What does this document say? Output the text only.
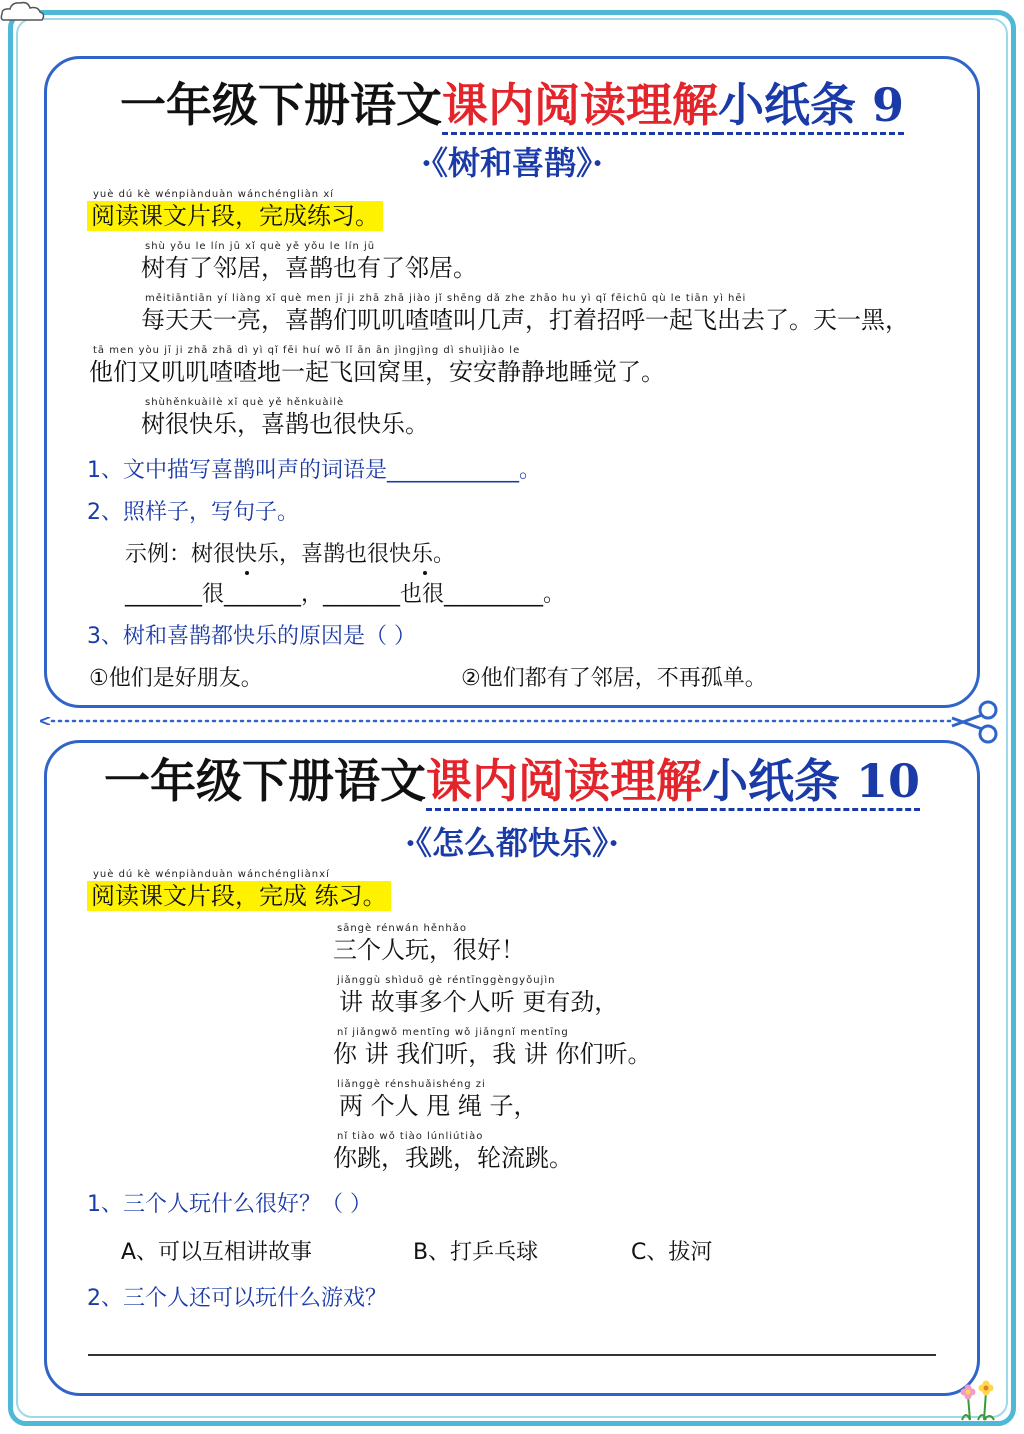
一年级下册语文课内阅读理解小纸条 9
·《树和喜鹊》·
yuè dú kè wénpiànduàn wánchéngliàn xí
阅读课文片段，完成练习。
shù yǒu le lín jū xǐ què yě yǒu le lín jū
树有了邻居，喜鹊也有了邻居。
měitiāntiān yí liàng xǐ què men jī ji zhā zhā jiào jǐ shēng dǎ zhe zhāo hu yì qǐ fēichū qù le tiān yì hēi
每天天一亮，喜鹊们叽叽喳喳叫几声，打着招呼一起飞出去了。天一黑，
tā men yòu jī ji zhā zhā dì yì qǐ fēi huí wō lǐ ān ān jìngjìng dì shuìjiào le
他们又叽叽喳喳地一起飞回窝里，安安静静地睡觉了。
shùhěnkuàilè xǐ què yě hěnkuàilè
树很快乐，喜鹊也很快乐。
1、文中描写喜鹊叫声的词语是____________。
2、照样子，写句子。
示例：树很快乐，喜鹊也很快乐。
_______很_______，_______也很_________。
3、树和喜鹊都快乐的原因是（ ）
①他们是好朋友。	②他们都有了邻居，不再孤单。
一年级下册语文课内阅读理解小纸条 10
·《怎么都快乐》·
yuè dú kè wénpiànduàn wánchéngliànxí
阅读课文片段，完成 练习。
sāngè rénwán hěnhǎo
三个人玩，很好！
jiǎnggù shìduō gè réntīnggèngyǒujìn
讲 故事多个人听 更有劲，
nǐ jiǎngwǒ mentīng wǒ jiǎngnǐ mentīng
你 讲 我们听，我 讲 你们听。
liǎnggè rénshuǎishéng zi
两 个人 甩 绳 子，
nǐ tiào wǒ tiào lúnliútiào
你跳，我跳，轮流跳。
1、三个人玩什么很好？（ ）
A、可以互相讲故事	B、打乒乓球	C、拔河
2、三个人还可以玩什么游戏？
